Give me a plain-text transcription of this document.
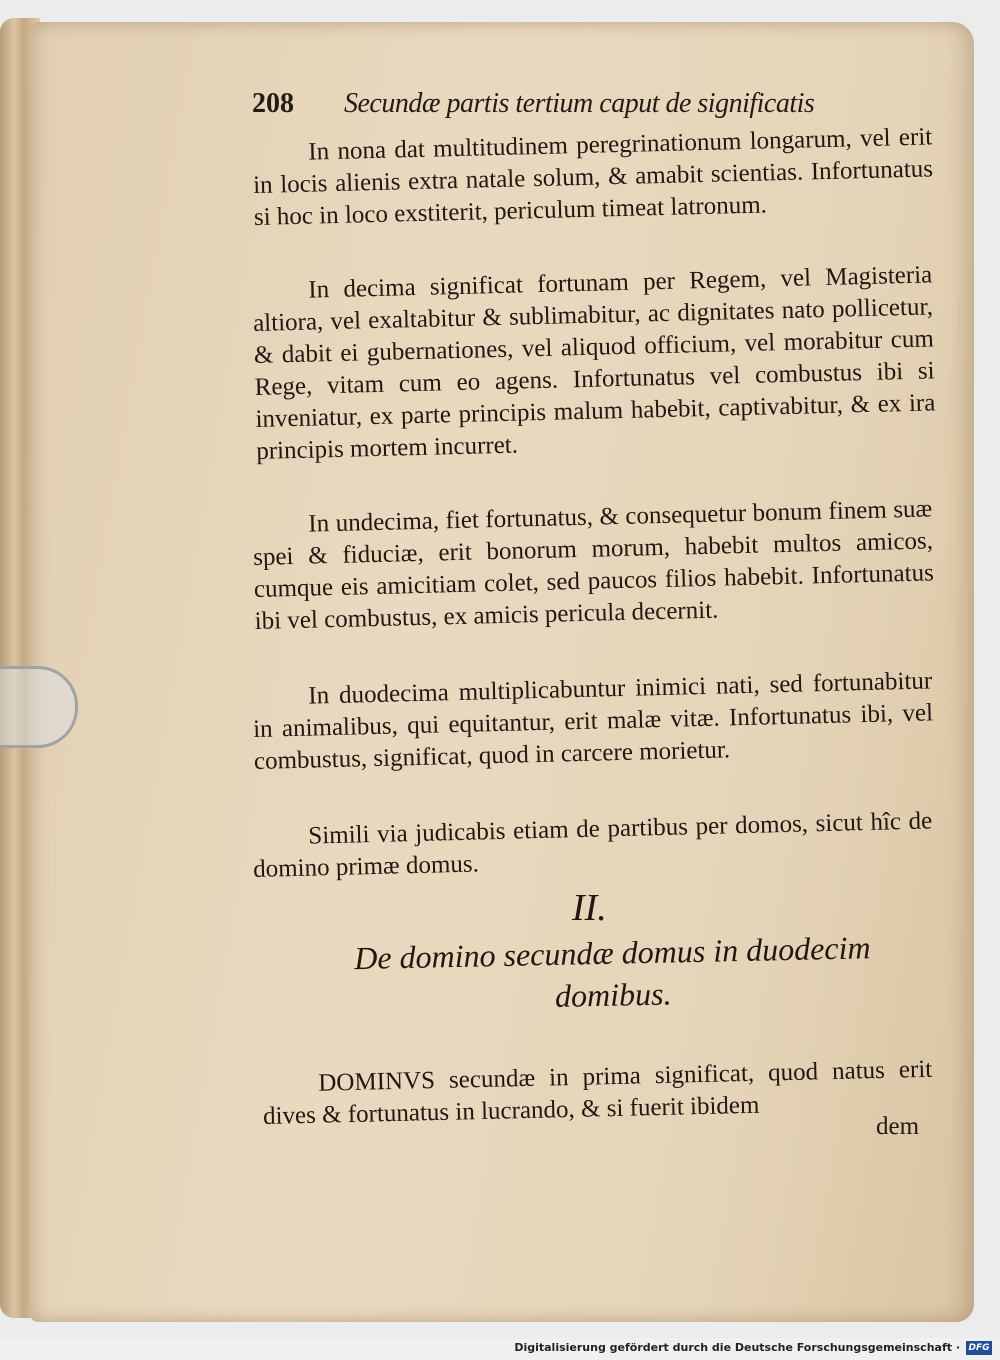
208 Secundæ partis tertium caput de significatis

In nona dat multitudinem peregrinationum longarum, vel erit in locis alienis extra natale solum, & amabit scientias. Infortunatus si hoc in loco exstiterit, periculum timeat latronum.

In decima significat fortunam per Regem, vel Magisteria altiora, vel exaltabitur & sublimabitur, ac dignitates nato pollicetur, & dabit ei gubernationes, vel aliquod officium, vel morabitur cum Rege, vitam cum eo agens. Infortunatus vel combustus ibi si inveniatur, ex parte principis malum habebit, captivabitur, & ex ira principis mortem incurret.

In undecima, fiet fortunatus, & consequetur bonum finem suæ spei & fiduciæ, erit bonorum morum, habebit multos amicos, cumque eis amicitiam colet, sed paucos filios habebit. Infortunatus ibi vel combustus, ex amicis pericula decernit.

In duodecima multiplicabuntur inimici nati, sed fortunabitur in animalibus, qui equitantur, erit malæ vitæ. Infortunatus ibi, vel combustus, significat, quod in carcere morietur.

Simili via judicabis etiam de partibus per domos, sicut hîc de domino primæ domus.

II.
De domino secundæ domus in duodecim domibus.

DOMINVS secundæ in prima significat, quod natus erit dives & fortunatus in lucrando, & si fuerit ibidem	dem
Digitalisierung gefördert durch die Deutsche Forschungsgemeinschaft · DFG
